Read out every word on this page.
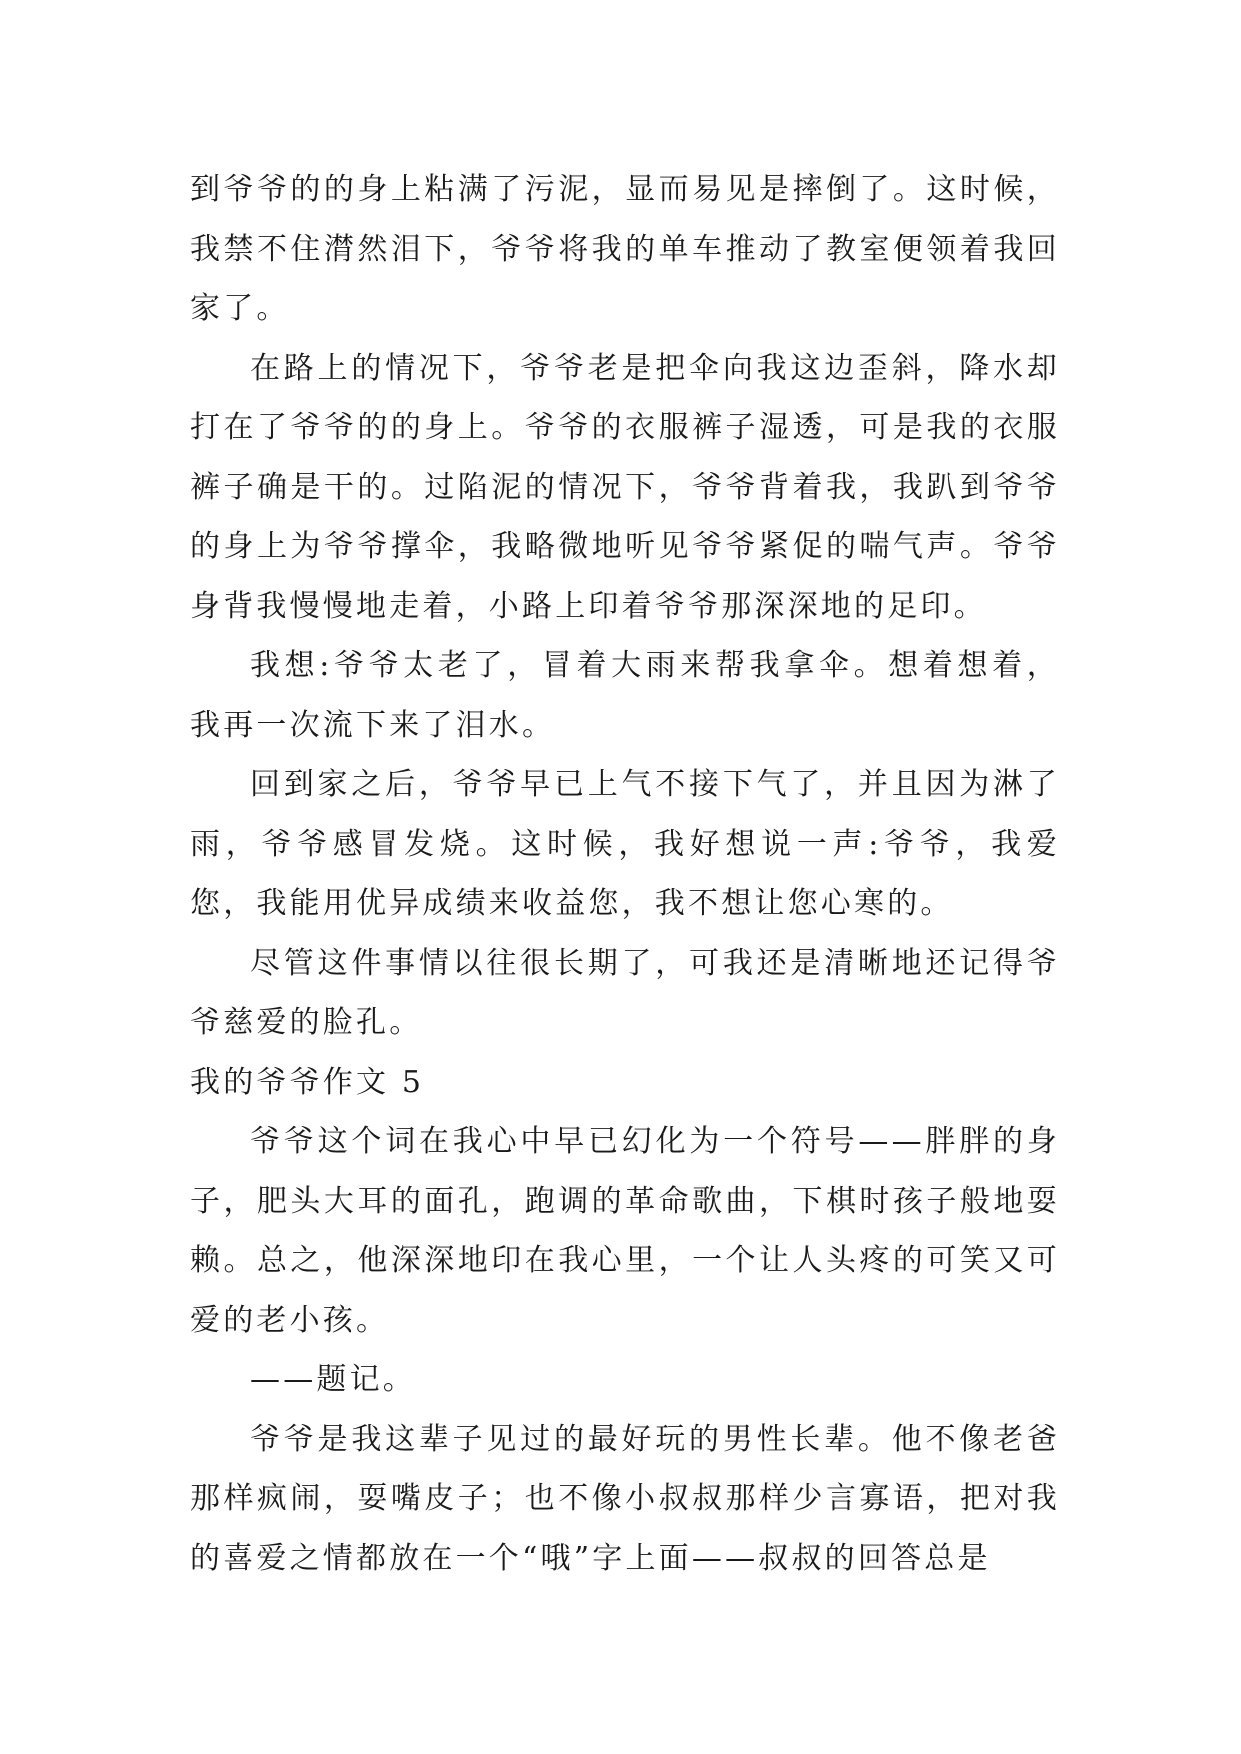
到爷爷的的身上粘满了污泥，显而易见是摔倒了。这时候，我禁不住潸然泪下，爷爷将我的单车推动了教室便领着我回家了。

在路上的情况下，爷爷老是把伞向我这边歪斜，降水却打在了爷爷的的身上。爷爷的衣服裤子湿透，可是我的衣服裤子确是干的。过陷泥的情况下，爷爷背着我，我趴到爷爷的身上为爷爷撑伞，我略微地听见爷爷紧促的喘气声。爷爷身背我慢慢地走着，小路上印着爷爷那深深地的足印。

我想:爷爷太老了，冒着大雨来帮我拿伞。想着想着，我再一次流下来了泪水。

回到家之后，爷爷早已上气不接下气了，并且因为淋了雨，爷爷感冒发烧。这时候，我好想说一声:爷爷，我爱您，我能用优异成绩来收益您，我不想让您心寒的。

尽管这件事情以往很长期了，可我还是清晰地还记得爷爷慈爱的脸孔。

我的爷爷作文 5

爷爷这个词在我心中早已幻化为一个符号——胖胖的身子，肥头大耳的面孔，跑调的革命歌曲，下棋时孩子般地耍赖。总之，他深深地印在我心里，一个让人头疼的可笑又可爱的老小孩。

——题记。

爷爷是我这辈子见过的最好玩的男性长辈。他不像老爸那样疯闹，耍嘴皮子；也不像小叔叔那样少言寡语，把对我的喜爱之情都放在一个“哦”字上面——叔叔的回答总是
